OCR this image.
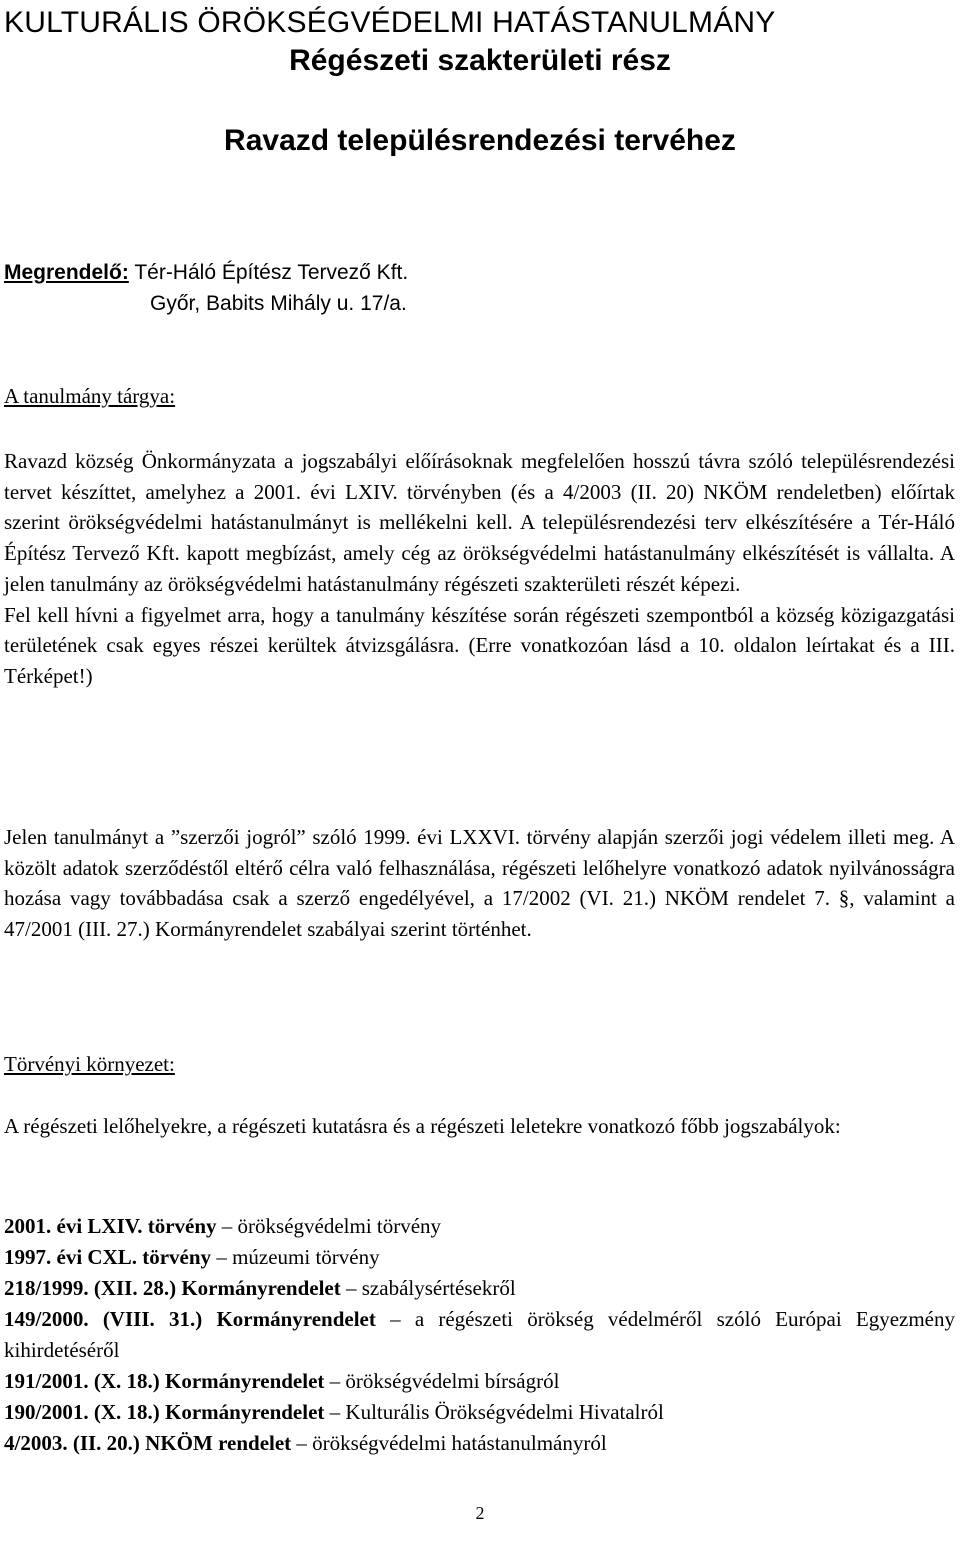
KULTURÁLIS ÖRÖKSÉGVÉDELMI HATÁSTANULMÁNY
Régészeti szakterületi rész
Ravazd településrendezési tervéhez
Megrendelő: Tér-Háló Építész Tervező Kft.
Győr, Babits Mihály u. 17/a.
A tanulmány tárgya:
Ravazd község Önkormányzata a jogszabályi előírásoknak megfelelően hosszú távra szóló településrendezési tervet készíttet, amelyhez a 2001. évi LXIV. törvényben (és a 4/2003 (II. 20) NKÖM rendeletben) előírtak szerint örökségvédelmi hatástanulmányt is mellékelni kell. A településrendezési terv elkészítésére a Tér-Háló Építész Tervező Kft. kapott megbízást, amely cég az örökségvédelmi hatástanulmány elkészítését is vállalta. A jelen tanulmány az örökségvédelmi hatástanulmány régészeti szakterületi részét képezi.
Fel kell hívni a figyelmet arra, hogy a tanulmány készítése során régészeti szempontból a község közigazgatási területének csak egyes részei kerültek átvizsgálásra. (Erre vonatkozóan lásd a 10. oldalon leírtakat és a III. Térképet!)
Jelen tanulmányt a ”szerzői jogról” szóló 1999. évi LXXVI. törvény alapján szerzői jogi védelem illeti meg. A közölt adatok szerződéstől eltérő célra való felhasználása, régészeti lelőhelyre vonatkozó adatok nyilvánosságra hozása vagy továbbadása csak a szerző engedélyével, a 17/2002 (VI. 21.) NKÖM rendelet 7. §, valamint a 47/2001 (III. 27.) Kormányrendelet szabályai szerint történhet.
Törvényi környezet:
A régészeti lelőhelyekre, a régészeti kutatásra és a régészeti leletekre vonatkozó főbb jogszabályok:
2001. évi LXIV. törvény – örökségvédelmi törvény
1997. évi CXL. törvény – múzeumi törvény
218/1999. (XII. 28.) Kormányrendelet – szabálysértésekről
149/2000. (VIII. 31.) Kormányrendelet – a régészeti örökség védelméről szóló Európai Egyezmény kihirdetéséről
191/2001. (X. 18.) Kormányrendelet – örökségvédelmi bírságról
190/2001. (X. 18.) Kormányrendelet – Kulturális Örökségvédelmi Hivatalról
4/2003. (II. 20.) NKÖM rendelet – örökségvédelmi hatástanulmányról
2
